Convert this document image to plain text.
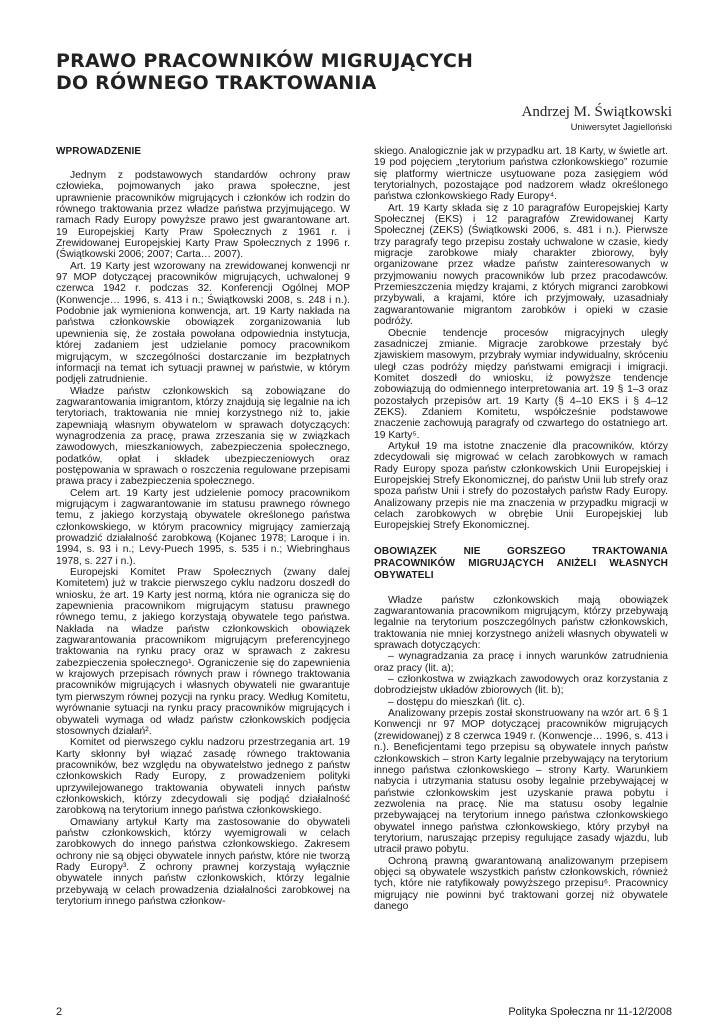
PRAWO PRACOWNIKÓW MIGRUJĄCYCH
DO RÓWNEGO TRAKTOWANIA
Andrzej M. Świątkowski
Uniwersytet Jagielloński
WPROWADZENIE

Jednym z podstawowych standardów ochrony praw człowieka, pojmowanych jako prawa społeczne, jest uprawnienie pracowników migrujących i członków ich rodzin do równego traktowania przez władze państwa przyjmującego. W ramach Rady Europy powyższe prawo jest gwarantowane art. 19 Europejskiej Karty Praw Społecznych z 1961 r. i Zrewidowanej Europejskiej Karty Praw Społecznych z 1996 r. (Świątkowski 2006; 2007; Carta… 2007).

Art. 19 Karty jest wzorowany na zrewidowanej konwencji nr 97 MOP dotyczącej pracowników migrujących, uchwalonej 9 czerwca 1942 r. podczas 32. Konferencji Ogólnej MOP (Konwencje… 1996, s. 413 i n.; Świątkowski 2008, s. 248 i n.). Podobnie jak wymieniona konwencja, art. 19 Karty nakłada na państwa członkowskie obowiązek zorganizowania lub upewnienia się, że została powołana odpowiednia instytucja, której zadaniem jest udzielanie pomocy pracownikom migrującym, w szczególności dostarczanie im bezpłatnych informacji na temat ich sytuacji prawnej w państwie, w którym podjęli zatrudnienie.

Władze państw członkowskich są zobowiązane do zagwarantowania imigrantom, którzy znajdują się legalnie na ich terytoriach, traktowania nie mniej korzystnego niż to, jakie zapewniają własnym obywatelom w sprawach dotyczących: wynagrodzenia za pracę, prawa zrzeszania się w związkach zawodowych, mieszkaniowych, zabezpieczenia społecznego, podatków, opłat i składek ubezpieczeniowych oraz postępowania w sprawach o roszczenia regulowane przepisami prawa pracy i zabezpieczenia społecznego.

Celem art. 19 Karty jest udzielenie pomocy pracownikom migrującym i zagwarantowanie im statusu prawnego równego temu, z jakiego korzystają obywatele określonego państwa członkowskiego, w którym pracownicy migrujący zamierzają prowadzić działalność zarobkową (Kojanec 1978; Laroque i in. 1994, s. 93 i n.; Levy-Puech 1995, s. 535 i n.; Wiebringhaus 1978, s. 227 i n.).

Europejski Komitet Praw Społecznych (zwany dalej Komitetem) już w trakcie pierwszego cyklu nadzoru doszedł do wniosku, że art. 19 Karty jest normą, która nie ogranicza się do zapewnienia pracownikom migrującym statusu prawnego równego temu, z jakiego korzystają obywatele tego państwa. Nakłada na władze państw członkowskich obowiązek zagwarantowania pracownikom migrującym preferencyjnego traktowania na rynku pracy oraz w sprawach z zakresu zabezpieczenia społecznego¹. Ograniczenie się do zapewnienia w krajowych przepisach równych praw i równego traktowania pracowników migrujących i własnych obywateli nie gwarantuje tym pierwszym równej pozycji na rynku pracy. Według Komitetu, wyrównanie sytuacji na rynku pracy pracowników migrujących i obywateli wymaga od władz państw członkowskich podjęcia stosownych działań².

Komitet od pierwszego cyklu nadzoru przestrzegania art. 19 Karty skłonny był wiązać zasadę równego traktowania pracowników, bez względu na obywatelstwo jednego z państw członkowskich Rady Europy, z prowadzeniem polityki uprzywilejowanego traktowania obywateli innych państw członkowskich, którzy zdecydowali się podjąć działalność zarobkową na terytorium innego państwa członkowskiego.

Omawiany artykuł Karty ma zastosowanie do obywateli państw członkowskich, którzy wyemigrowali w celach zarobkowych do innego państwa członkowskiego. Zakresem ochrony nie są objęci obywatele innych państw, które nie tworzą Rady Europy³. Z ochrony prawnej korzystają wyłącznie obywatele innych państw członkowskich, którzy legalnie przebywają w celach prowadzenia działalności zarobkowej na terytorium innego państwa członkow-

skiego. Analogicznie jak w przypadku art. 18 Karty, w świetle art. 19 pod pojęciem „terytorium państwa członkowskiego” rozumie się platformy wiertnicze usytuowane poza zasięgiem wód terytorialnych, pozostające pod nadzorem władz określonego państwa członkowskiego Rady Europy⁴.

Art. 19 Karty składa się z 10 paragrafów Europejskiej Karty Społecznej (EKS) i 12 paragrafów Zrewidowanej Karty Społecznej (ZEKS) (Świątkowski 2006, s. 481 i n.). Pierwsze trzy paragrafy tego przepisu zostały uchwalone w czasie, kiedy migracje zarobkowe miały charakter zbiorowy, były organizowane przez władze państw zainteresowanych w przyjmowaniu nowych pracowników lub przez pracodawców. Przemieszczenia między krajami, z których migranci zarobkowi przybywali, a krajami, które ich przyjmowały, uzasadniały zagwarantowanie migrantom zarobków i opieki w czasie podróży.

Obecnie tendencje procesów migracyjnych uległy zasadniczej zmianie. Migracje zarobkowe przestały być zjawiskiem masowym, przybrały wymiar indywidualny, skróceniu uległ czas podróży między państwami emigracji i imigracji. Komitet doszedł do wniosku, iż powyższe tendencje zobowiązują do odmiennego interpretowania art. 19 § 1–3 oraz pozostałych przepisów art. 19 Karty (§ 4–10 EKS i § 4–12 ZEKS). Zdaniem Komitetu, współcześnie podstawowe znaczenie zachowują paragrafy od czwartego do ostatniego art. 19 Karty⁵.

Artykuł 19 ma istotne znaczenie dla pracowników, którzy zdecydowali się migrować w celach zarobkowych w ramach Rady Europy spoza państw członkowskich Unii Europejskiej i Europejskiej Strefy Ekonomicznej, do państw Unii lub strefy oraz spoza państw Unii i strefy do pozostałych państw Rady Europy. Analizowany przepis nie ma znaczenia w przypadku migracji w celach zarobkowych w obrębie Unii Europejskiej lub Europejskiej Strefy Ekonomicznej.

OBOWIĄZEK NIE GORSZEGO TRAKTOWANIA PRACOWNIKÓW MIGRUJĄCYCH ANIŻELI WŁASNYCH OBYWATELI

Władze państw członkowskich mają obowiązek zagwarantowania pracownikom migrującym, którzy przebywają legalnie na terytorium poszczególnych państw członkowskich, traktowania nie mniej korzystnego aniżeli własnych obywateli w sprawach dotyczących:

– wynagradzania za pracę i innych warunków zatrudnienia oraz pracy (lit. a);

– członkostwa w związkach zawodowych oraz korzystania z dobrodziejstw układów zbiorowych (lit. b);

– dostępu do mieszkań (lit. c).

Analizowany przepis został skonstruowany na wzór art. 6 § 1 Konwencji nr 97 MOP dotyczącej pracowników migrujących (zrewidowanej) z 8 czerwca 1949 r. (Konwencje… 1996, s. 413 i n.). Beneficjentami tego przepisu są obywatele innych państw członkowskich – stron Karty legalnie przebywający na terytorium innego państwa członkowskiego – strony Karty. Warunkiem nabycia i utrzymania statusu osoby legalnie przebywającej w państwie członkowskim jest uzyskanie prawa pobytu i zezwolenia na pracę. Nie ma statusu osoby legalnie przebywającej na terytorium innego państwa członkowskiego obywatel innego państwa członkowskiego, który przybył na terytorium, naruszając przepisy regulujące zasady wjazdu, lub utracił prawo pobytu.

Ochroną prawną gwarantowaną analizowanym przepisem objęci są obywatele wszystkich państw członkowskich, również tych, które nie ratyfikowały powyższego przepisu⁶. Pracownicy migrujący nie powinni być traktowani gorzej niż obywatele danego

2	Polityka Społeczna nr 11-12/2008
